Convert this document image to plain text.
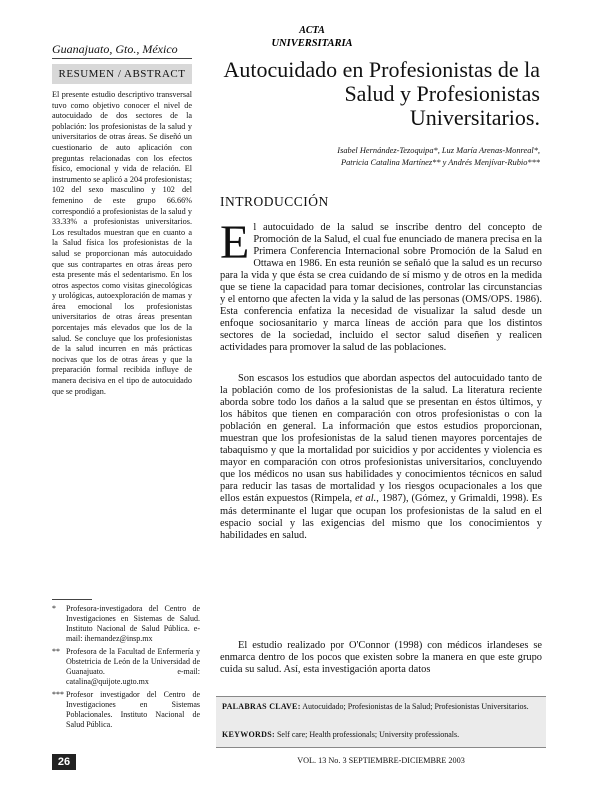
ACTA
UNIVERSITARIA
Guanajuato, Gto., México
RESUMEN / ABSTRACT
El presente estudio descriptivo transversal tuvo como objetivo conocer el nivel de autocuidado de dos sectores de la población: los profesionistas de la salud y universitarios de otras áreas. Se diseñó un cuestionario de auto aplicación con preguntas relacionadas con los efectos físico, emocional y vida de relación. El instrumento se aplicó a 204 profesionistas; 102 del sexo masculino y 102 del femenino de este grupo 66.66% correspondió a profesionistas de la salud y 33.33% a profesionistas universitarios. Los resultados muestran que en cuanto a la Salud física los profesionistas de la salud se proporcionan más autocuidado que sus contrapartes en otras áreas pero esta presente más el sedentarismo. En los otros aspectos como visitas ginecológicas y urológicas, autoexploración de mamas y área emocional los profesionistas universitarios de otras áreas presentan porcentajes más elevados que los de la salud. Se concluye que los profesionistas de la salud incurren en más prácticas nocivas que los de otras áreas y que la preparación formal recibida influye de manera decisiva en el tipo de autocuidado que se prodigan.
Autocuidado en Profesionistas de la Salud y Profesionistas Universitarios.
Isabel Hernández-Tezoquipa*, Luz María Arenas-Monreal*,
Patricia Catalina Martínez** y Andrés Menjívar-Rubio***
INTRODUCCIÓN
El autocuidado de la salud se inscribe dentro del concepto de Promoción de la Salud, el cual fue enunciado de manera precisa en la Primera Conferencia Internacional sobre Promoción de la Salud en Ottawa en 1986. En esta reunión se señaló que la salud es un recurso para la vida y que ésta se crea cuidando de sí mismo y de otros en la medida que se tiene la capacidad para tomar decisiones, controlar las circunstancias y el entorno que afecten la vida y la salud de las personas (OMS/OPS. 1986). Esta conferencia enfatiza la necesidad de visualizar la salud desde un enfoque sociosanitario y marca líneas de acción para que los distintos sectores de la sociedad, incluido el sector salud diseñen y realicen actividades para promover la salud de las poblaciones.
Son escasos los estudios que abordan aspectos del autocuidado tanto de la población como de los profesionistas de la salud. La literatura reciente aborda sobre todo los daños a la salud que se presentan en éstos últimos, y los hábitos que tienen en comparación con otros profesionistas o con la población en general. La información que estos estudios proporcionan, muestran que los profesionistas de la salud tienen mayores porcentajes de tabaquismo y que la mortalidad por suicidios y por accidentes y violencia es mayor en comparación con otros profesionistas universitarios, concluyendo que los médicos no usan sus habilidades y conocimientos técnicos en salud para reducir las tasas de mortalidad y los riesgos ocupacionales a los que ellos están expuestos (Rimpela, et al., 1987), (Gómez, y Grimaldi, 1998). Es más determinante el lugar que ocupan los profesionistas de la salud en el espacio social y las exigencias del mismo que los conocimientos y habilidades en salud.
El estudio realizado por O'Connor (1998) con médicos irlandeses se enmarca dentro de los pocos que existen sobre la manera en que este grupo cuida su salud. Así, esta investigación aporta datos
* Profesora-investigadora del Centro de Investigaciones en Sistemas de Salud. Instituto Nacional de Salud Pública. e-mail: ihernandez@insp.mx
** Profesora de la Facultad de Enfermería y Obstetricia de León de la Universidad de Guanajuato. e-mail: catalina@quijote.ugto.mx
*** Profesor investigador del Centro de Investigaciones en Sistemas Poblacionales. Instituto Nacional de Salud Pública.
PALABRAS CLAVE: Autocuidado; Profesionistas de la Salud; Profesionistas Universitarios.
KEYWORDS: Self care; Health professionals; University professionals.
26	VOL. 13 No. 3 SEPTIEMBRE-DICIEMBRE 2003
